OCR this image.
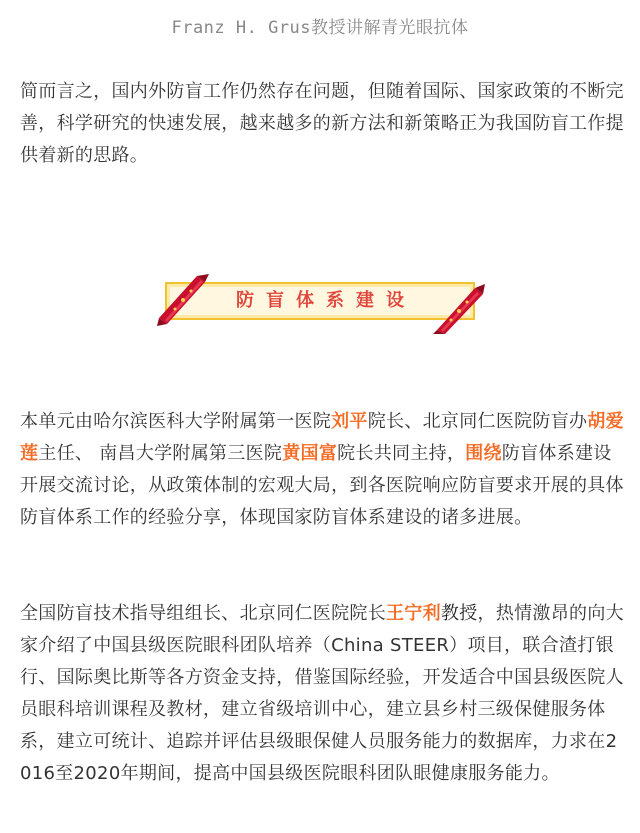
Franz H. Grus教授讲解青光眼抗体

简而言之，国内外防盲工作仍然存在问题，但随着国际、国家政策的不断完善，科学研究的快速发展，越来越多的新方法和新策略正为我国防盲工作提供着新的思路。

防盲体系建设

本单元由哈尔滨医科大学附属第一医院刘平院长、北京同仁医院防盲办胡爱莲主任、 南昌大学附属第三医院黄国富院长共同主持，围绕防盲体系建设开展交流讨论，从政策体制的宏观大局，到各医院响应防盲要求开展的具体防盲体系工作的经验分享，体现国家防盲体系建设的诸多进展。

全国防盲技术指导组组长、北京同仁医院院长王宁利教授，热情激昂的向大家介绍了中国县级医院眼科团队培养（China STEER）项目，联合渣打银行、国际奥比斯等各方资金支持，借鉴国际经验，开发适合中国县级医院人员眼科培训课程及教材，建立省级培训中心，建立县乡村三级保健服务体系，建立可统计、追踪并评估县级眼保健人员服务能力的数据库，力求在2016至2020年期间，提高中国县级医院眼科团队眼健康服务能力。
